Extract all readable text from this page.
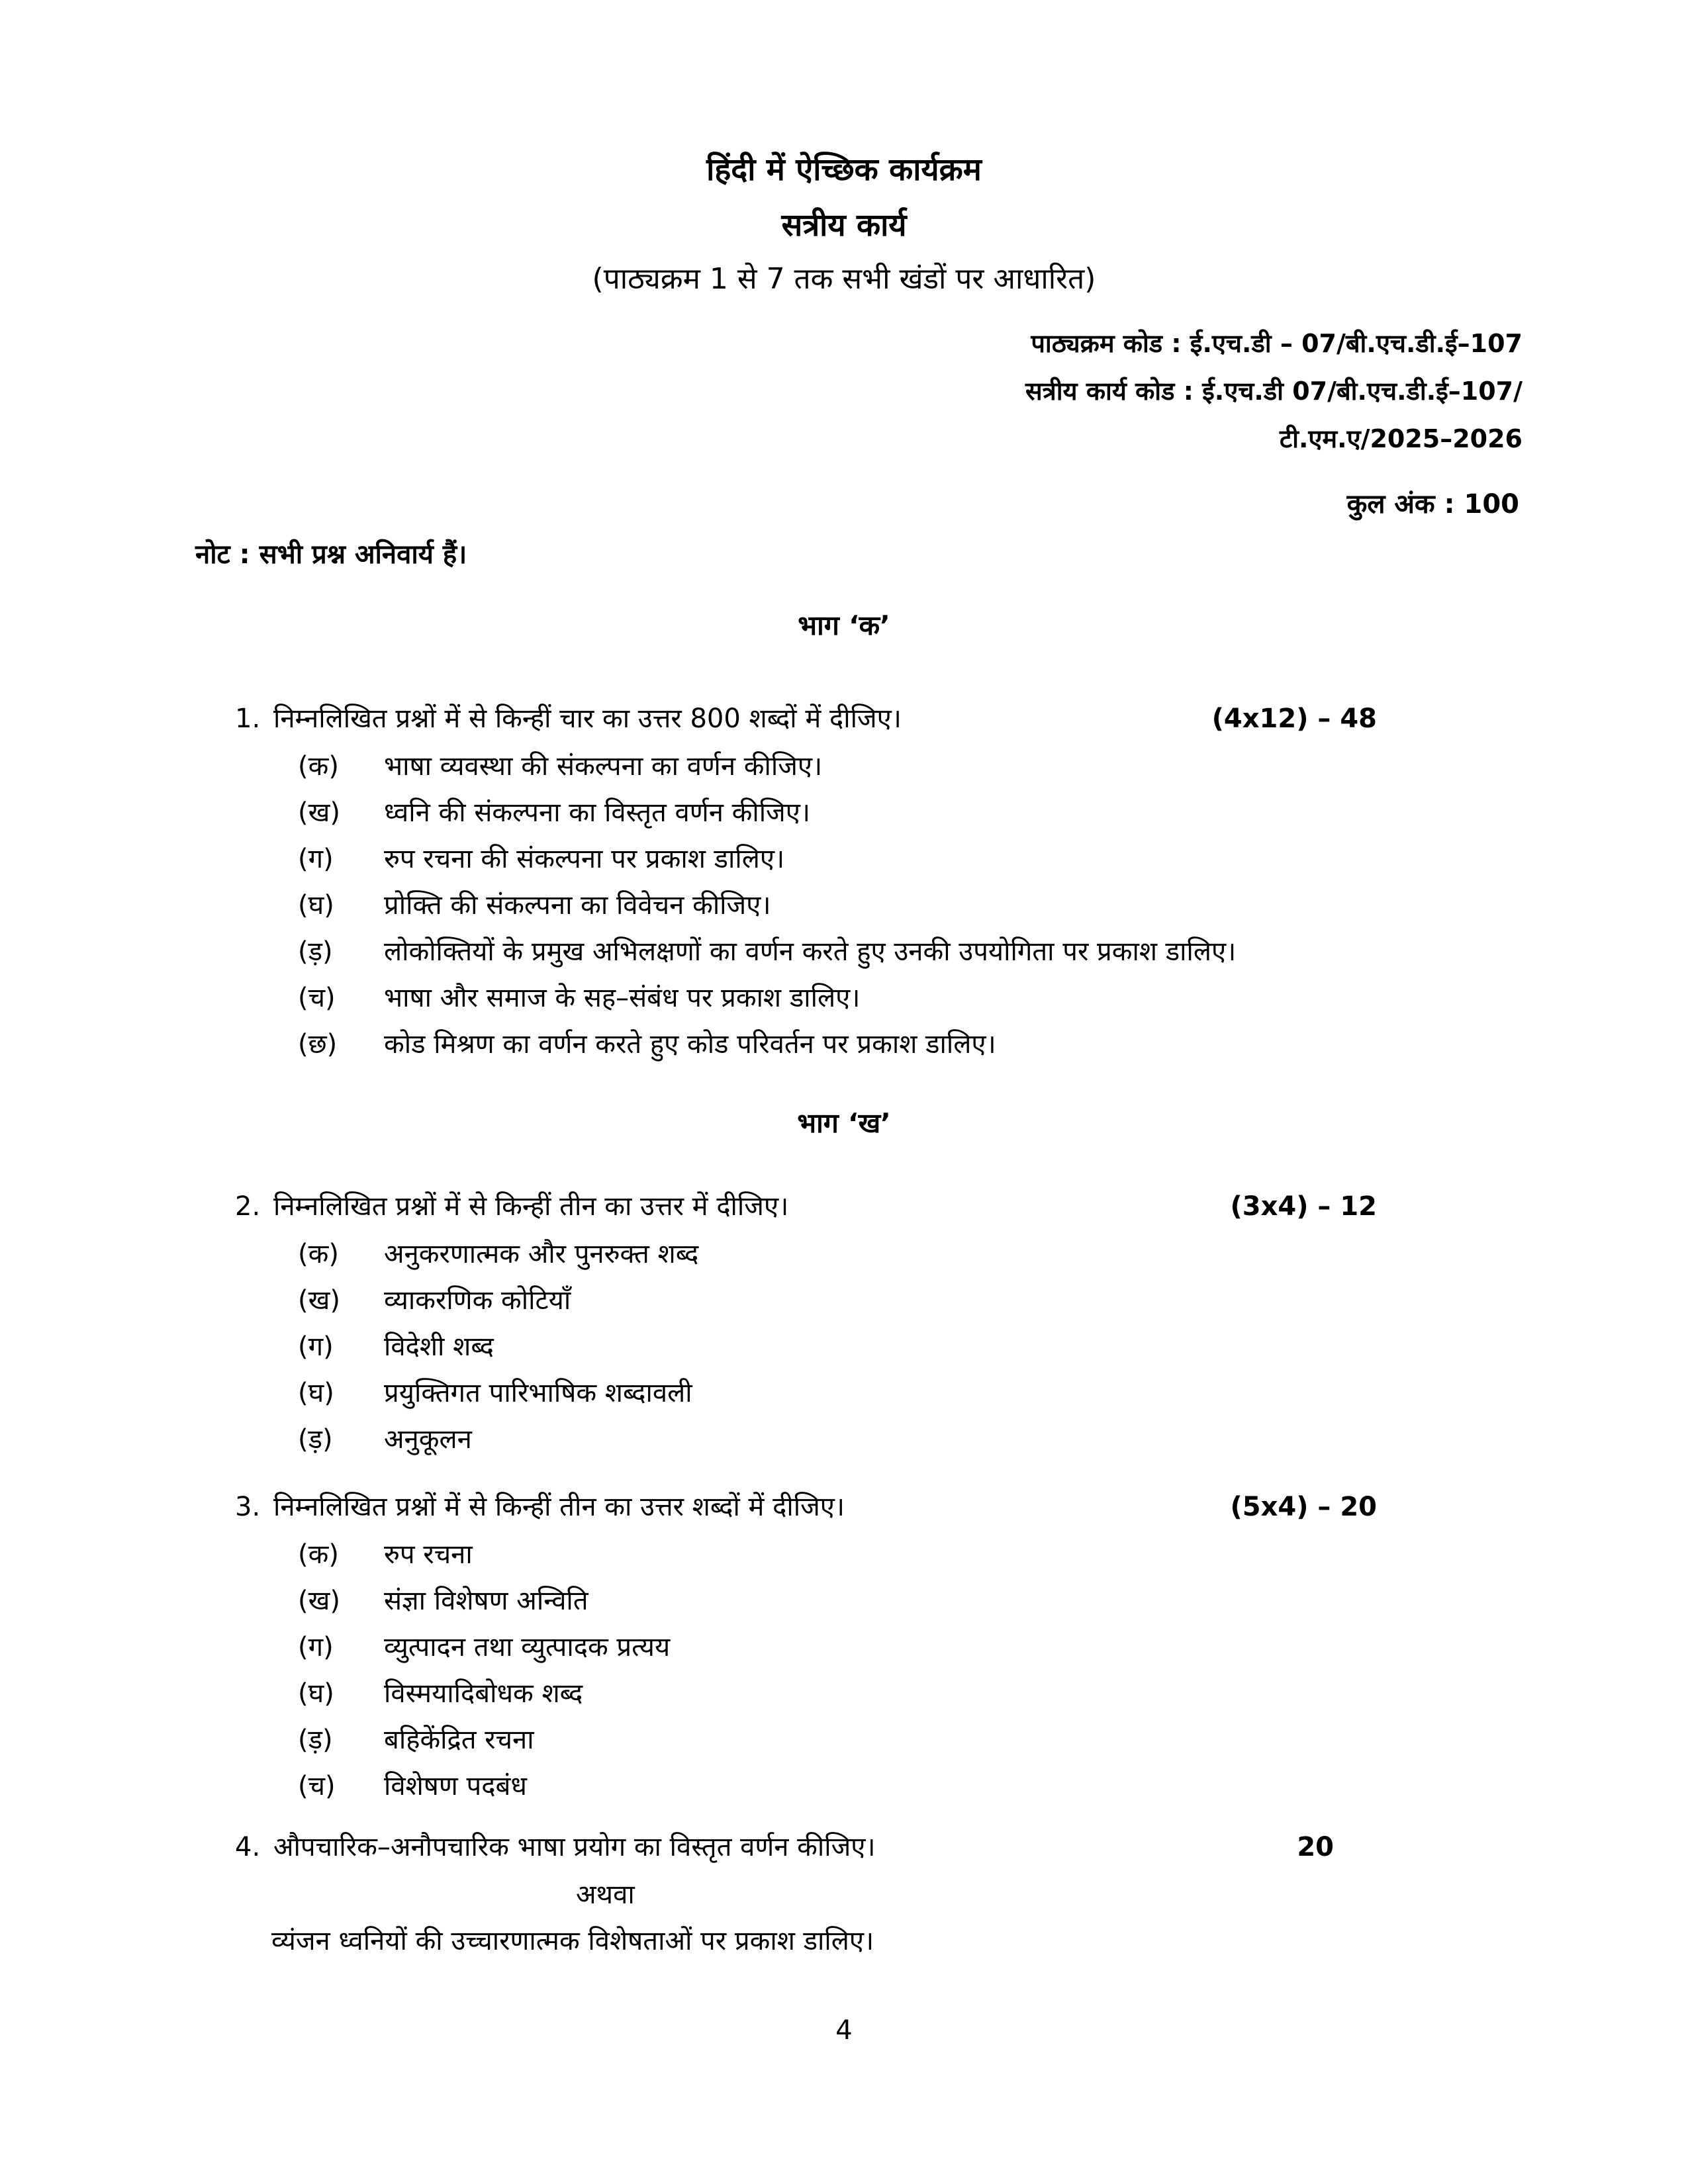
हिंदी में ऐच्छिक कार्यक्रम
सत्रीय कार्य
(पाठ्यक्रम 1 से 7 तक सभी खंडों पर आधारित)
पाठ्यक्रम कोड : ई.एच.डी – 07/बी.एच.डी.ई–107
सत्रीय कार्य कोड : ई.एच.डी 07/बी.एच.डी.ई–107/
टी.एम.ए/2025–2026
कुल अंक : 100
नोट : सभी प्रश्न अनिवार्य हैं।
भाग ‘क’
1. निम्नलिखित प्रश्नों में से किन्हीं चार का उत्तर 800 शब्दों में दीजिए।	(4x12) – 48
(क)	भाषा व्यवस्था की संकल्पना का वर्णन कीजिए।
(ख)	ध्वनि की संकल्पना का विस्तृत वर्णन कीजिए।
(ग)	रुप रचना की संकल्पना पर प्रकाश डालिए।
(घ)	प्रोक्ति की संकल्पना का विवेचन कीजिए।
(ड़)	लोकोक्तियों के प्रमुख अभिलक्षणों का वर्णन करते हुए उनकी उपयोगिता पर प्रकाश डालिए।
(च)	भाषा और समाज के सह–संबंध पर प्रकाश डालिए।
(छ)	कोड मिश्रण का वर्णन करते हुए कोड परिवर्तन पर प्रकाश डालिए।
भाग ‘ख’
2. निम्नलिखित प्रश्नों में से किन्हीं तीन का उत्तर में दीजिए।	(3x4) – 12
(क)	अनुकरणात्मक और पुनरुक्त शब्द
(ख)	व्याकरणिक कोटियाँ
(ग)	विदेशी शब्द
(घ)	प्रयुक्तिगत पारिभाषिक शब्दावली
(ड़)	अनुकूलन
3. निम्नलिखित प्रश्नों में से किन्हीं तीन का उत्तर शब्दों में दीजिए।	(5x4) – 20
(क)	रुप रचना
(ख)	संज्ञा विशेषण अन्विति
(ग)	व्युत्पादन तथा व्युत्पादक प्रत्यय
(घ)	विस्मयादिबोधक शब्द
(ड़)	बहिकेंद्रित रचना
(च)	विशेषण पदबंध
4. औपचारिक–अनौपचारिक भाषा प्रयोग का विस्तृत वर्णन कीजिए।	20
अथवा
व्यंजन ध्वनियों की उच्चारणात्मक विशेषताओं पर प्रकाश डालिए।
4
